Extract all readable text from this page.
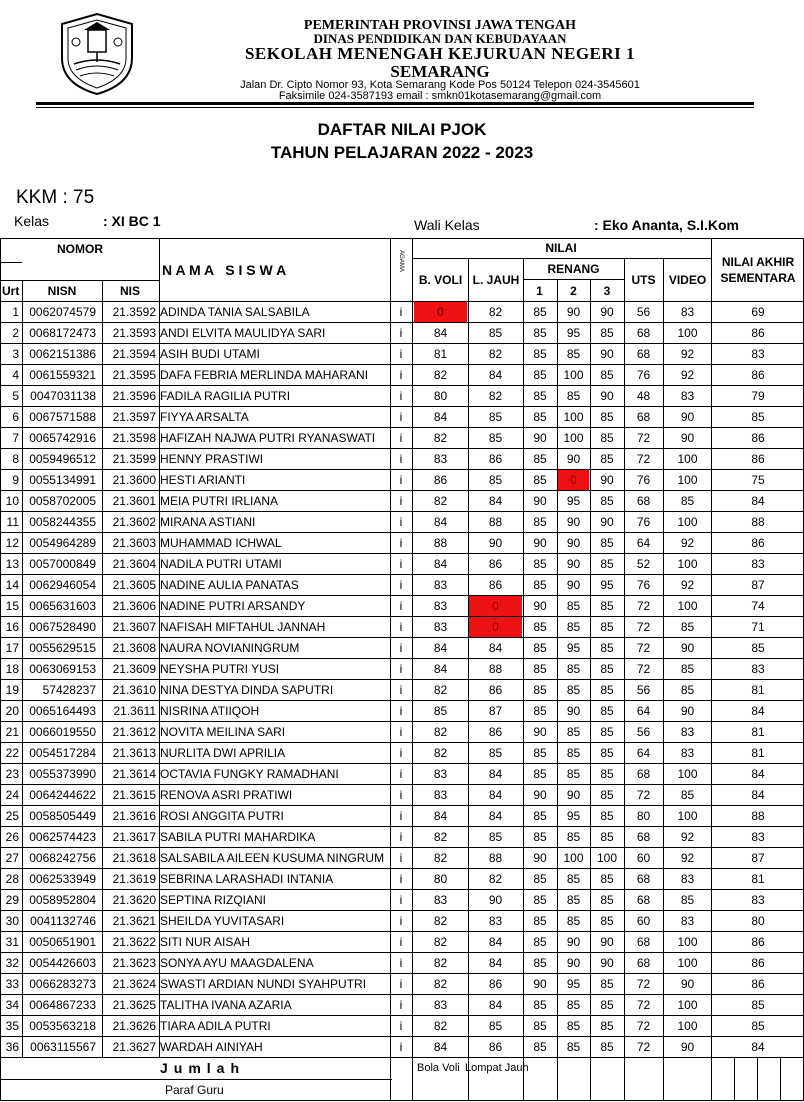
PEMERINTAH PROVINSI JAWA TENGAH
DINAS PENDIDIKAN DAN KEBUDAYAAN
SEKOLAH MENENGAH KEJURUAN NEGERI 1
SEMARANG
Jalan Dr. Cipto Nomor 93, Kota Semarang Kode Pos 50124 Telepon 024-3545601
Faksimile 024-3587193 email : smkn01kotasemarang@gmail.com
DAFTAR NILAI PJOK
TAHUN PELAJARAN 2022 - 2023
KKM : 75
Kelas	: XI BC 1	Wali Kelas	: Eko Ananta, S.I.Kom
NOMOR
Urt	NISN	NIS
N A M A   S I S W A	AGAMA
NILAI
B. VOLI L. JAUH
RENANG
1	2	3
UTS	VIDEO
NILAI AKHIR
SEMENTARA
1 0062074579	21.3592 ADINDA TANIA SALSABILA	i	0	82	85	90	90	56	83	69
2 0068172473	21.3593 ANDI ELVITA MAULIDYA SARI	i	84	85	85	95	85	68	100	86
3 0062151386	21.3594 ASIH BUDI UTAMI	i	81	82	85	85	90	68	92	83
4 0061559321	21.3595 DAFA FEBRIA MERLINDA MAHARANI	i	82	84	85	100	85	76	92	86
5 0047031138	21.3596 FADILA RAGILIA PUTRI	i	80	82	85	85	90	48	83	79
6 0067571588	21.3597 FIYYA ARSALTA	i	84	85	85	100	85	68	90	85
7 0065742916	21.3598 HAFIZAH NAJWA PUTRI RYANASWATI	i	82	85	90	100	85	72	90	86
8 0059496512	21.3599 HENNY PRASTIWI	i	83	86	85	90	85	72	100	86
9 0055134991	21.3600 HESTI ARIANTI	i	86	85	85	0	90	76	100	75
10 0058702005	21.3601 MEIA PUTRI IRLIANA	i	82	84	90	95	85	68	85	84
11 0058244355	21.3602 MIRANA ASTIANI	i	84	88	85	90	90	76	100	88
12 0054964289	21.3603 MUHAMMAD ICHWAL	i	88	90	90	90	85	64	92	86
13 0057000849	21.3604 NADILA PUTRI UTAMI	i	84	86	85	90	85	52	100	83
14 0062946054	21.3605 NADINE AULIA PANATAS	i	83	86	85	90	95	76	92	87
15 0065631603	21.3606 NADINE PUTRI ARSANDY	i	83	0	90	85	85	72	100	74
16 0067528490	21.3607 NAFISAH MIFTAHUL JANNAH	i	83	0	85	85	85	72	85	71
17 0055629515	21.3608 NAURA NOVIANINGRUM	i	84	84	85	95	85	72	90	85
18 0063069153	21.3609 NEYSHA PUTRI YUSI	i	84	88	85	85	85	72	85	83
19	57428237	21.3610 NINA DESTYA DINDA SAPUTRI	i	82	86	85	85	85	56	85	81
20 0065164493	21.3611 NISRINA ATIIQOH	i	85	87	85	90	85	64	90	84
21 0066019550	21.3612 NOVITA MEILINA SARI	i	82	86	90	85	85	56	83	81
22 0054517284	21.3613 NURLITA DWI APRILIA	i	82	85	85	85	85	64	83	81
23 0055373990	21.3614 OCTAVIA FUNGKY RAMADHANI	i	83	84	85	85	85	68	100	84
24 0064244622	21.3615 RENOVA ASRI PRATIWI	i	83	84	90	90	85	72	85	84
25 0058505449	21.3616 ROSI ANGGITA PUTRI	i	84	84	85	95	85	80	100	88
26 0062574423	21.3617 SABILA PUTRI MAHARDIKA	i	82	85	85	85	85	68	92	83
27 0068242756	21.3618 SALSABILA AILEEN KUSUMA NINGRUM	i	82	88	90	100	100	60	92	87
28 0062533949	21.3619 SEBRINA LARASHADI INTANIA	i	80	82	85	85	85	68	83	81
29 0058952804	21.3620 SEPTINA RIZQIANI	i	83	90	85	85	85	68	85	83
30 0041132746	21.3621 SHEILDA YUVITASARI	i	82	83	85	85	85	60	83	80
31 0050651901	21.3622 SITI NUR AISAH	i	82	84	85	90	90	68	100	86
32 0054426603	21.3623 SONYA AYU MAAGDALENA	i	82	84	85	90	90	68	100	86
33 0066283273	21.3624 SWASTI ARDIAN NUNDI SYAHPUTRI	i	82	86	90	95	85	72	90	86
34 0064867233	21.3625 TALITHA IVANA AZARIA	i	83	84	85	85	85	72	100	85
35 0053563218	21.3626 TIARA ADILA PUTRI	i	82	85	85	85	85	72	100	85
36 0063115567	21.3627 WARDAH AINIYAH	i	84	86	85	85	85	72	90	84
Jumlah
Paraf Guru
Bola Voli Lompat Jauh
